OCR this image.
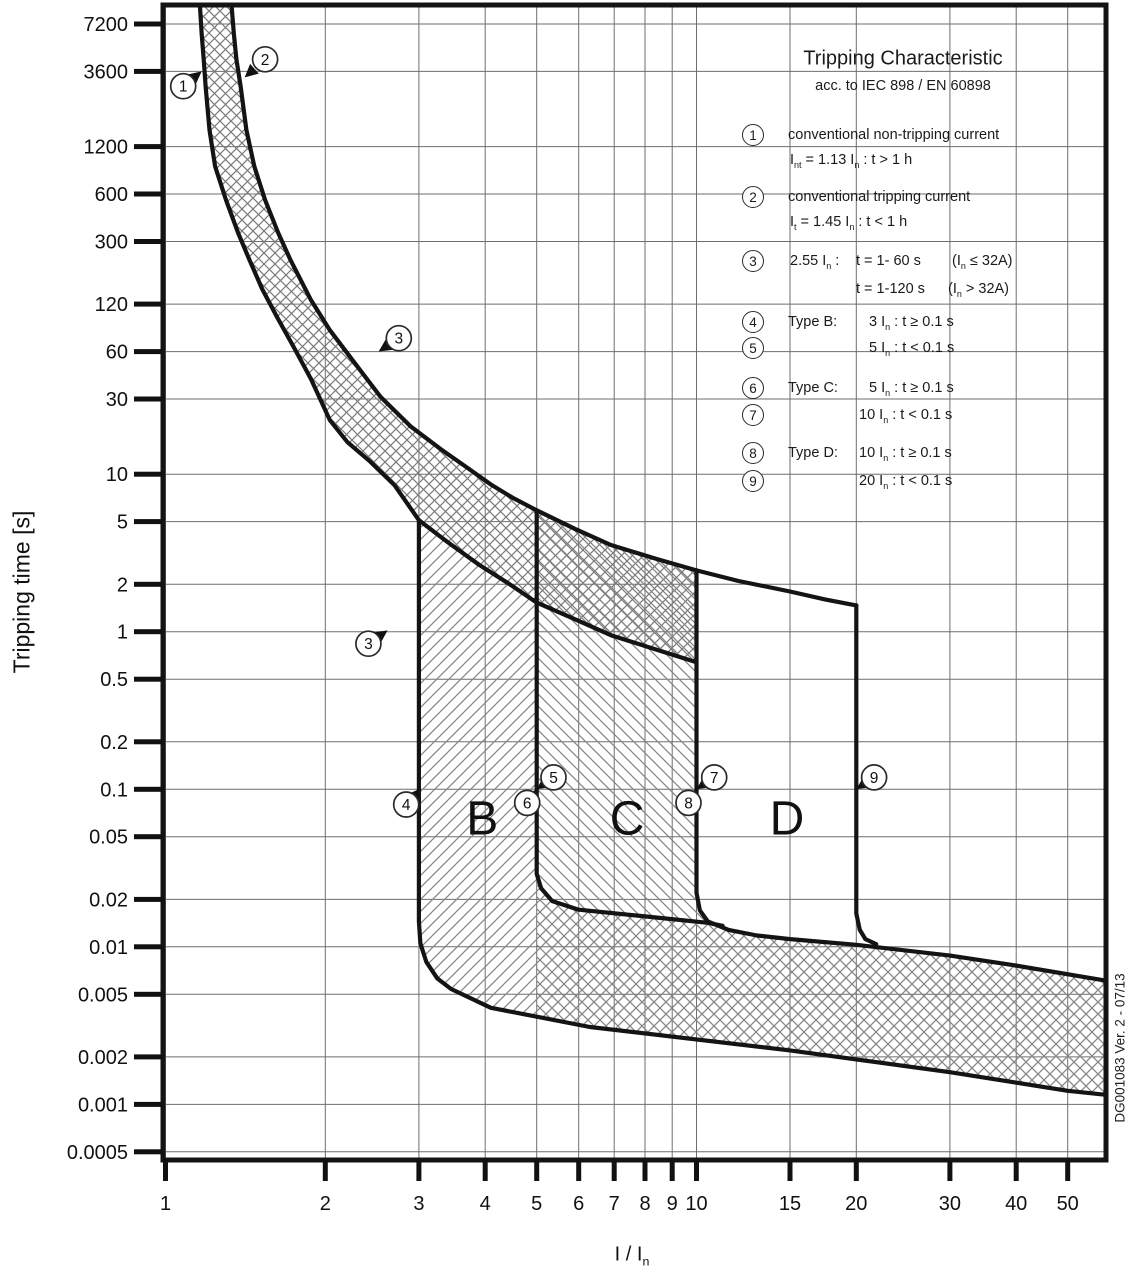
B C	D
7200
3600
1200
600
300
120
60
30
10
5
2
1
0.5
0.2
0.1
0.05
0.02
0.01
0.005
0.002
0.001
0.0005
1	2	3	4 5 6 7 8 9 10	15 20	30 40 50
1
2
3
3
4
5
6
7
8
9
Tripping Characteristic
acc. to IEC 898 / EN 60898
1
2
3
4
5
6
7
8
9
conventional non-tripping current
$I_{nt} = 1.13$ $I_n$ : t > 1 h
conventional tripping current
$I_t = 1.45$ $I_n$ : t < 1 h
2.55 $I_n$ : t = 1- 60 s $(I_n \le 32A)$
t = 1-120 s $(I_n > 32A)$
Type B: 3 $I_n$ : t ≥ 0.1 s
5 $I_n$ : t < 0.1 s
Type C: 5 $I_n$ : t ≥ 0.1 s
10 $I_n$ : t < 0.1 s
Type D: 10 $I_n$ : t ≥ 0.1 s
20 $I_n$ : t < 0.1 s
Tripping time [s]
I / $I_n$
DG001083 Ver. 2 - 07/13
